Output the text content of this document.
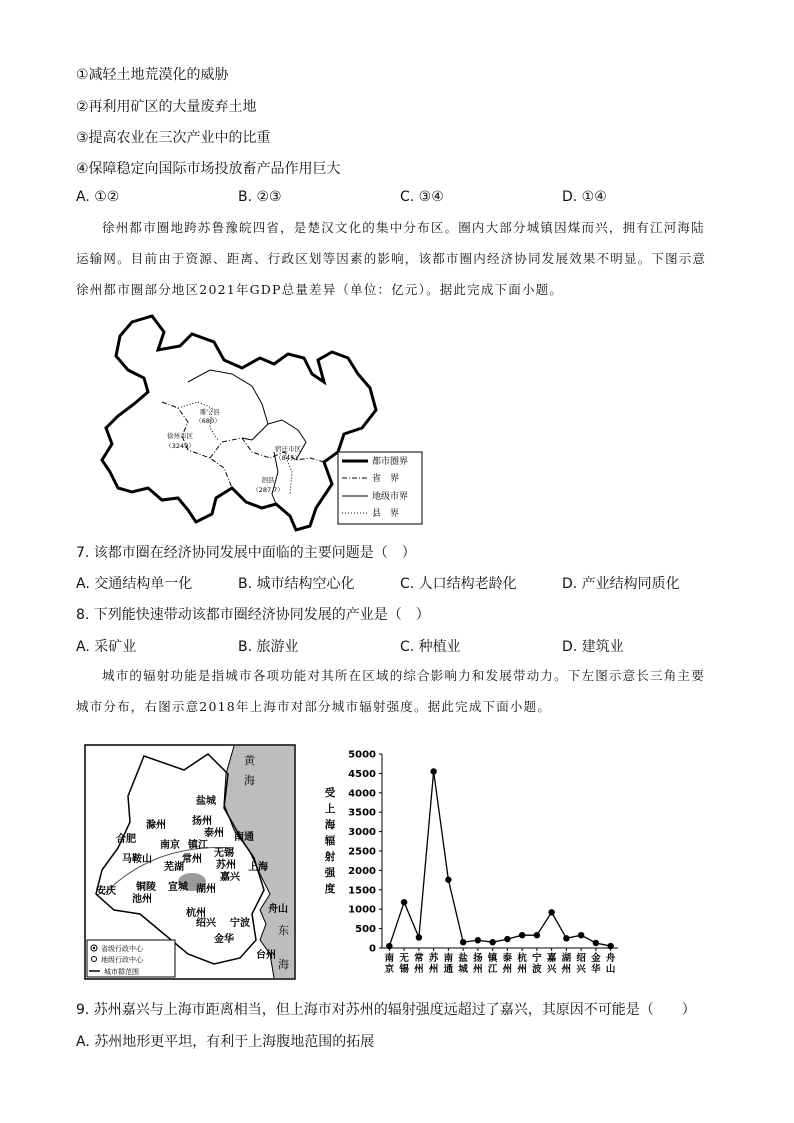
①减轻土地荒漠化的威胁
②再利用矿区的大量废弃土地
③提高农业在三次产业中的比重
④保障稳定向国际市场投放畜产品作用巨大
A. ①②	B. ②③	C. ③④	D. ①④
徐州都市圈地跨苏鲁豫皖四省，是楚汉文化的集中分布区。圈内大部分城镇因煤而兴，拥有江河海陆运输网。目前由于资源、距离、行政区划等因素的影响，该都市圈内经济协同发展效果不明显。下图示意徐州都市圈部分地区2021年GDP总量差异（单位：亿元）。据此完成下面小题。
睢宁县
（680）
徐州市区
（3249）	宿迁市区
（847）
泗县
（287.7）
都市圈界
省　界
地级市界
县　界
7. 该都市圈在经济协同发展中面临的主要问题是（　）
A. 交通结构单一化	B. 城市结构空心化	C. 人口结构老龄化	D. 产业结构同质化
8. 下列能快速带动该都市圈经济协同发展的产业是（　）
A. 采矿业	B. 旅游业	C. 种植业	D. 建筑业
城市的辐射功能是指城市各项功能对其所在区域的综合影响力和发展带动力。下左图示意长三角主要城市分布，右图示意2018年上海市对部分城市辐射强度。据此完成下面小题。
黄
海
东
海
盐城
滁州	扬州
泰州 南通
合肥
南京 镇江
常州
无锡
马鞍山
芜湖	苏州 上海
嘉兴
安庆 铜陵 宣城 湖州
池州
杭州	舟山
绍兴 宁波
金华
台州
省级行政中心
地级行政中心
城市群范围
受
上
海
辐
射
强
度
0
500
1000
1500
2000
2500
3000
3500
4000
4500
5000
南
京
无
锡
常
州
苏
州
南
通
盐
城
扬
州
镇
江
泰
州
杭
州
宁
波
嘉
兴
湖
州
绍
兴
金
华
舟
山
9. 苏州嘉兴与上海市距离相当，但上海市对苏州的辐射强度远超过了嘉兴，其原因不可能是（　　）
A. 苏州地形更平坦，有利于上海腹地范围的拓展
